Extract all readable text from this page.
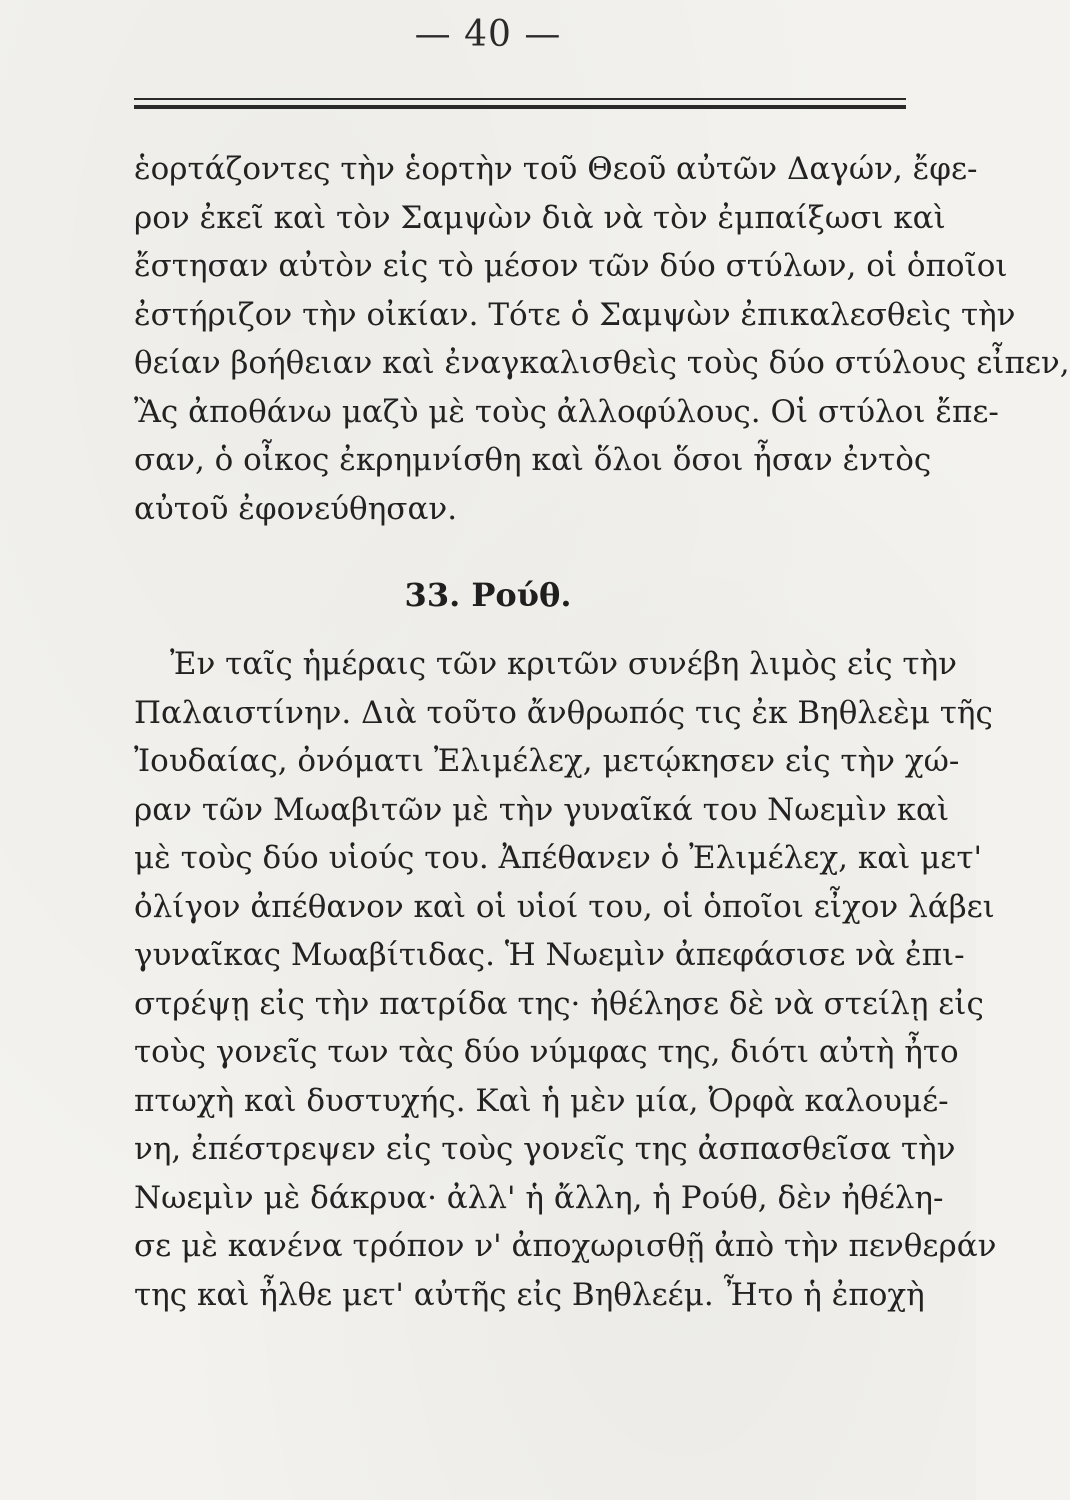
— 40 —
ἑορτάζοντες τὴν ἑορτὴν τοῦ Θεοῦ αὐτῶν Δαγών, ἔφε-
ρον ἐκεῖ καὶ τὸν Σαμψὼν διὰ νὰ τὸν ἐμπαίξωσι καὶ
ἔστησαν αὐτὸν εἰς τὸ μέσον τῶν δύο στύλων, οἱ ὁποῖοι
ἐστήριζον τὴν οἰκίαν. Τότε ὁ Σαμψὼν ἐπικαλεσθεὶς τὴν
θείαν βοήθειαν καὶ ἐναγκαλισθεὶς τοὺς δύο στύλους εἶπεν,
Ἂς ἀποθάνω μαζὺ μὲ τοὺς ἀλλοφύλους. Οἱ στύλοι ἔπε-
σαν, ὁ οἶκος ἐκρημνίσθη καὶ ὅλοι ὅσοι ἦσαν ἐντὸς
αὐτοῦ ἐφονεύθησαν.
33. Ρούθ.
Ἐν ταῖς ἡμέραις τῶν κριτῶν συνέβη λιμὸς εἰς τὴν
Παλαιστίνην. Διὰ τοῦτο ἄνθρωπός τις ἐκ Βηθλεὲμ τῆς
Ἰουδαίας, ὀνόματι Ἐλιμέλεχ, μετῴκησεν εἰς τὴν χώ-
ραν τῶν Μωαβιτῶν μὲ τὴν γυναῖκά του Νωεμὶν καὶ
μὲ τοὺς δύο υἱούς του. Ἀπέθανεν ὁ Ἐλιμέλεχ, καὶ μετ'
ὀλίγον ἀπέθανον καὶ οἱ υἱοί του, οἱ ὁποῖοι εἶχον λάβει
γυναῖκας Μωαβίτιδας. Ἡ Νωεμὶν ἀπεφάσισε νὰ ἐπι-
στρέψῃ εἰς τὴν πατρίδα της· ἠθέλησε δὲ νὰ στείλῃ εἰς
τοὺς γονεῖς των τὰς δύο νύμφας της, διότι αὐτὴ ἦτο
πτωχὴ καὶ δυστυχής. Καὶ ἡ μὲν μία, Ὀρφὰ καλουμέ-
νη, ἐπέστρεψεν εἰς τοὺς γονεῖς της ἀσπασθεῖσα τὴν
Νωεμὶν μὲ δάκρυα· ἀλλ' ἡ ἄλλη, ἡ Ρούθ, δὲν ἠθέλη-
σε μὲ κανένα τρόπον ν' ἀποχωρισθῇ ἀπὸ τὴν πενθεράν
της καὶ ἦλθε μετ' αὐτῆς εἰς Βηθλεέμ. Ἦτο ἡ ἐποχὴ
